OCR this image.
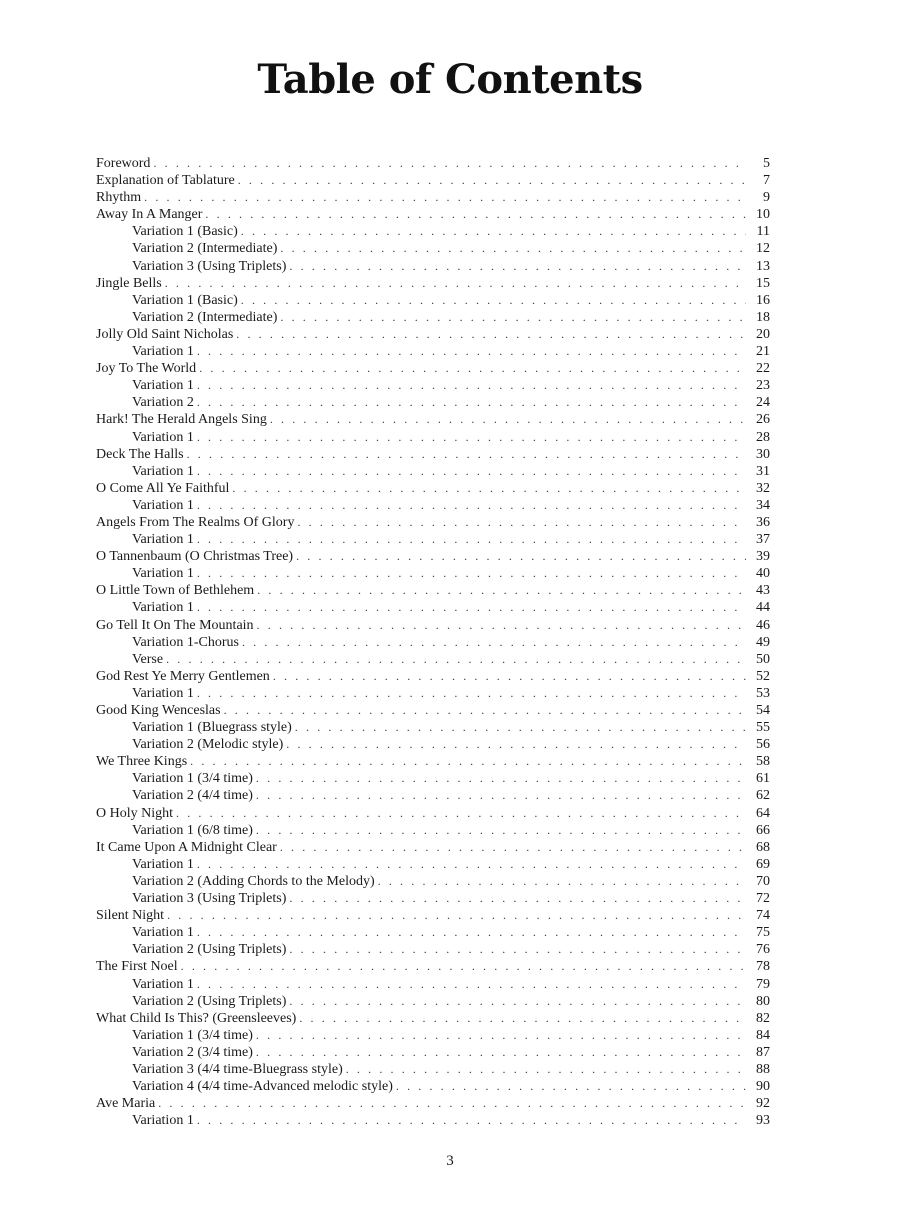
Table of Contents
Foreword . . .	5
Explanation of Tablature . . .	7
Rhythm . . .	9
Away In A Manger . . .	10
Variation 1 (Basic) . . .	11
Variation 2 (Intermediate) . . .	12
Variation 3 (Using Triplets) . . .	13
Jingle Bells . . .	15
Variation 1 (Basic) . . .	16
Variation 2 (Intermediate) . . .	18
Jolly Old Saint Nicholas . . .	20
Variation 1 . . .	21
Joy To The World . . .	22
Variation 1 . . .	23
Variation 2 . . .	24
Hark! The Herald Angels Sing . . .	26
Variation 1 . . .	28
Deck The Halls . . .	30
Variation 1 . . .	31
O Come All Ye Faithful . . .	32
Variation 1 . . .	34
Angels From The Realms Of Glory . . .	36
Variation 1 . . .	37
O Tannenbaum (O Christmas Tree) . . .	39
Variation 1 . . .	40
O Little Town of Bethlehem . . .	43
Variation 1 . . .	44
Go Tell It On The Mountain . . .	46
Variation 1-Chorus . . .	49
Verse . . .	50
God Rest Ye Merry Gentlemen . . .	52
Variation 1 . . .	53
Good King Wenceslas . . .	54
Variation 1 (Bluegrass style) . . .	55
Variation 2 (Melodic style) . . .	56
We Three Kings . . .	58
Variation 1 (3/4 time) . . .	61
Variation 2 (4/4 time) . . .	62
O Holy Night . . .	64
Variation 1 (6/8 time) . . .	66
It Came Upon A Midnight Clear . . .	68
Variation 1 . . .	69
Variation 2 (Adding Chords to the Melody) . . .	70
Variation 3 (Using Triplets) . . .	72
Silent Night . . .	74
Variation 1 . . .	75
Variation 2 (Using Triplets) . . .	76
The First Noel . . .	78
Variation 1 . . .	79
Variation 2 (Using Triplets) . . .	80
What Child Is This? (Greensleeves) . . .	82
Variation 1 (3/4 time) . . .	84
Variation 2 (3/4 time) . . .	87
Variation 3 (4/4 time-Bluegrass style) . . .	88
Variation 4 (4/4 time-Advanced melodic style) . . .	90
Ave Maria . . .	92
Variation 1 . . .	93
3
